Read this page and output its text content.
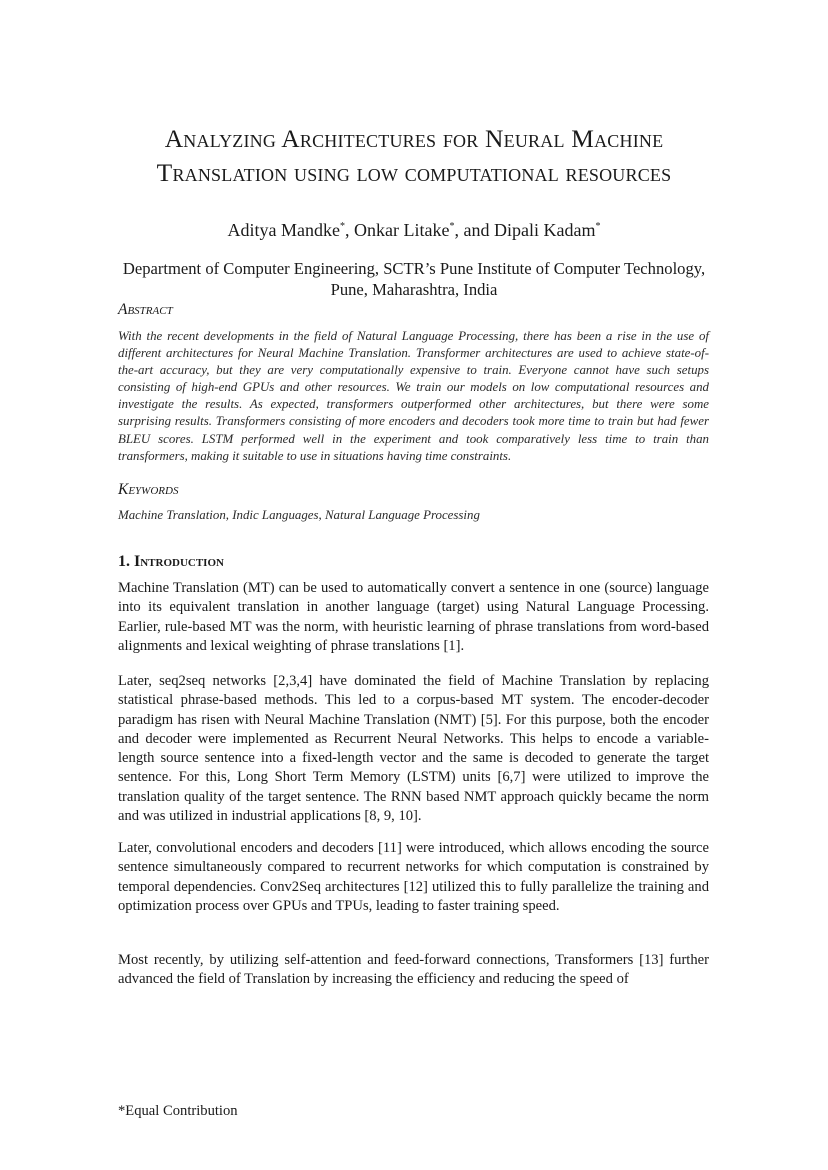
Analyzing Architectures for Neural Machine Translation using low computational resources
Aditya Mandke*, Onkar Litake*, and Dipali Kadam*
Department of Computer Engineering, SCTR’s Pune Institute of Computer Technology,
Pune, Maharashtra, India
Abstract
With the recent developments in the field of Natural Language Processing, there has been a rise in the use of different architectures for Neural Machine Translation. Transformer architectures are used to achieve state-of-the-art accuracy, but they are very computationally expensive to train. Everyone cannot have such setups consisting of high-end GPUs and other resources. We train our models on low computational resources and investigate the results. As expected, transformers outperformed other architectures, but there were some surprising results. Transformers consisting of more encoders and decoders took more time to train but had fewer BLEU scores. LSTM performed well in the experiment and took comparatively less time to train than transformers, making it suitable to use in situations having time constraints.
Keywords
Machine Translation, Indic Languages, Natural Language Processing
1. Introduction
Machine Translation (MT) can be used to automatically convert a sentence in one (source) language into its equivalent translation in another language (target) using Natural Language Processing. Earlier, rule-based MT was the norm, with heuristic learning of phrase translations from word-based alignments and lexical weighting of phrase translations [1].
Later, seq2seq networks [2,3,4] have dominated the field of Machine Translation by replacing statistical phrase-based methods. This led to a corpus-based MT system. The encoder-decoder paradigm has risen with Neural Machine Translation (NMT) [5]. For this purpose, both the encoder and decoder were implemented as Recurrent Neural Networks. This helps to encode a variable-length source sentence into a fixed-length vector and the same is decoded to generate the target sentence. For this, Long Short Term Memory (LSTM) units [6,7] were utilized to improve the translation quality of the target sentence. The RNN based NMT approach quickly became the norm and was utilized in industrial applications [8, 9, 10].
Later, convolutional encoders and decoders [11] were introduced, which allows encoding the source sentence simultaneously compared to recurrent networks for which computation is constrained by temporal dependencies. Conv2Seq architectures [12] utilized this to fully parallelize the training and optimization process over GPUs and TPUs, leading to faster training speed.
Most recently, by utilizing self-attention and feed-forward connections, Transformers [13] further advanced the field of Translation by increasing the efficiency and reducing the speed of
*Equal Contribution
